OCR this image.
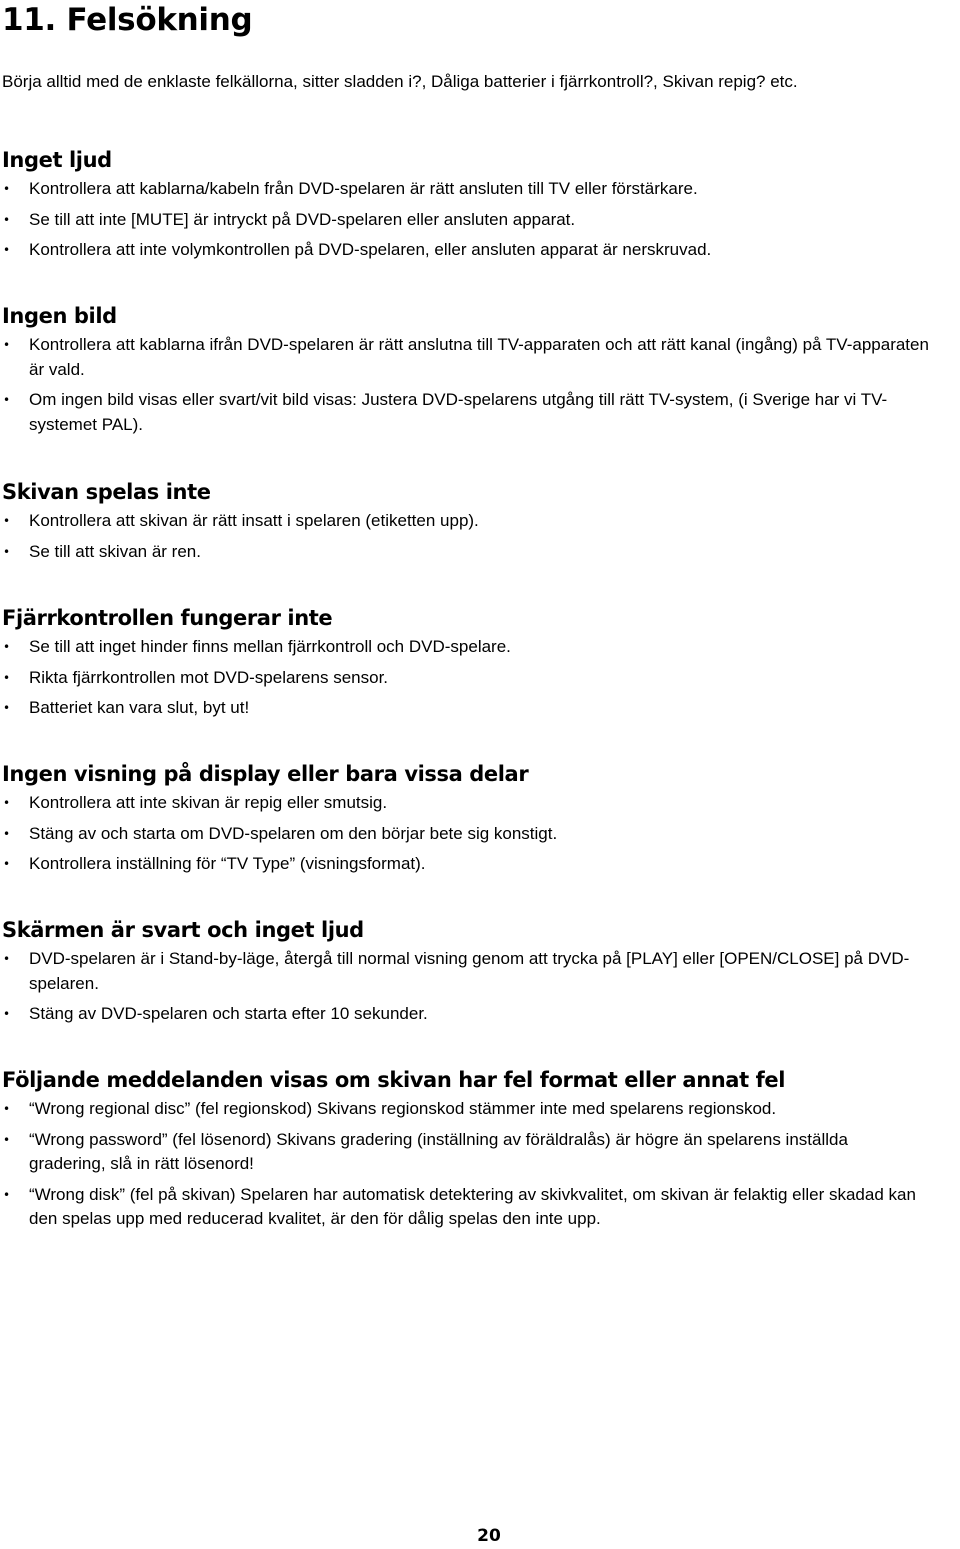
11. Felsökning

Börja alltid med de enklaste felkällorna, sitter sladden i?, Dåliga batterier i fjärrkontroll?, Skivan repig? etc.

Inget ljud
• Kontrollera att kablarna/kabeln från DVD-spelaren är rätt ansluten till TV eller förstärkare.
• Se till att inte [MUTE] är intryckt på DVD-spelaren eller ansluten apparat.
• Kontrollera att inte volymkontrollen på DVD-spelaren, eller ansluten apparat är nerskruvad.
Ingen bild
• Kontrollera att kablarna ifrån DVD-spelaren är rätt anslutna till TV-apparaten och att rätt kanal (ingång) på TV-apparaten är vald.
• Om ingen bild visas eller svart/vit bild visas: Justera DVD-spelarens utgång till rätt TV-system, (i Sverige har vi TV-systemet PAL).
Skivan spelas inte
• Kontrollera att skivan är rätt insatt i spelaren (etiketten upp).
• Se till att skivan är ren.
Fjärrkontrollen fungerar inte
• Se till att inget hinder finns mellan fjärrkontroll och DVD-spelare.
• Rikta fjärrkontrollen mot DVD-spelarens sensor.
• Batteriet kan vara slut, byt ut!
Ingen visning på display eller bara vissa delar
• Kontrollera att inte skivan är repig eller smutsig.
• Stäng av och starta om DVD-spelaren om den börjar bete sig konstigt.
• Kontrollera inställning för “TV Type” (visningsformat).
Skärmen är svart och inget ljud
• DVD-spelaren är i Stand-by-läge, återgå till normal visning genom att trycka på [PLAY] eller [OPEN/CLOSE] på DVD-spelaren.
• Stäng av DVD-spelaren och starta efter 10 sekunder.
Följande meddelanden visas om skivan har fel format eller annat fel
• “Wrong regional disc” (fel regionskod) Skivans regionskod stämmer inte med spelarens regionskod.
• “Wrong password” (fel lösenord) Skivans gradering (inställning av föräldralås) är högre än spelarens inställda gradering, slå in rätt lösenord!
• “Wrong disk” (fel på skivan) Spelaren har automatisk detektering av skivkvalitet, om skivan är felaktig eller skadad kan den spelas upp med reducerad kvalitet, är den för dålig spelas den inte upp.

20
